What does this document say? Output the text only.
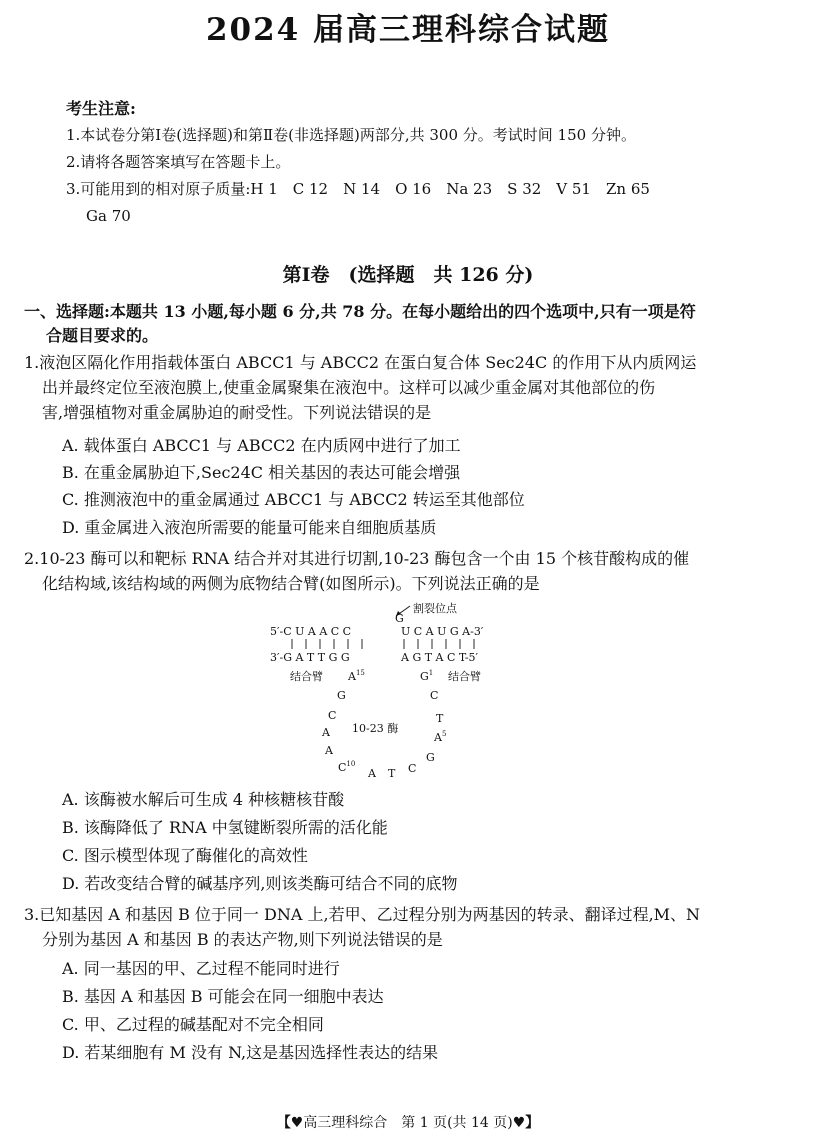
2024 届高三理科综合试题
考生注意:
1.本试卷分第Ⅰ卷(选择题)和第Ⅱ卷(非选择题)两部分,共 300 分。考试时间 150 分钟。
2.请将各题答案填写在答题卡上。
3.可能用到的相对原子质量:H 1　C 12　N 14　O 16　Na 23　S 32　V 51　Zn 65
Ga 70
第Ⅰ卷　(选择题　共 126 分)
一、选择题:本题共 13 小题,每小题 6 分,共 78 分。在每小题给出的四个选项中,只有一项是符
合题目要求的。
1.液泡区隔化作用指载体蛋白 ABCC1 与 ABCC2 在蛋白复合体 Sec24C 的作用下从内质网运
出并最终定位至液泡膜上,使重金属聚集在液泡中。这样可以减少重金属对其他部位的伤
害,增强植物对重金属胁迫的耐受性。下列说法错误的是
A. 载体蛋白 ABCC1 与 ABCC2 在内质网中进行了加工
B. 在重金属胁迫下,Sec24C 相关基因的表达可能会增强
C. 推测液泡中的重金属通过 ABCC1 与 ABCC2 转运至其他部位
D. 重金属进入液泡所需要的能量可能来自细胞质基质
2.10-23 酶可以和靶标 RNA 结合并对其进行切割,10-23 酶包含一个由 15 个核苷酸构成的催
化结构域,该结构域的两侧为底物结合臂(如图所示)。下列说法正确的是
割裂位点
G
5′-C U A A C C	U C A U G A-3′
3′-G A T T G G	A G T A C T-5′
结合臂	结合臂
$A^{15}$	$G^1$
G
C
A
A
10-23 酶
C
T
$A^5$
$C^{10}$
A T C
G
A. 该酶被水解后可生成 4 种核糖核苷酸
B. 该酶降低了 RNA 中氢键断裂所需的活化能
C. 图示模型体现了酶催化的高效性
D. 若改变结合臂的碱基序列,则该类酶可结合不同的底物
3.已知基因 A 和基因 B 位于同一 DNA 上,若甲、乙过程分别为两基因的转录、翻译过程,M、N
分别为基因 A 和基因 B 的表达产物,则下列说法错误的是
A. 同一基因的甲、乙过程不能同时进行
B. 基因 A 和基因 B 可能会在同一细胞中表达
C. 甲、乙过程的碱基配对不完全相同
D. 若某细胞有 M 没有 N,这是基因选择性表达的结果
【♥高三理科综合　第 1 页(共 14 页)♥】
